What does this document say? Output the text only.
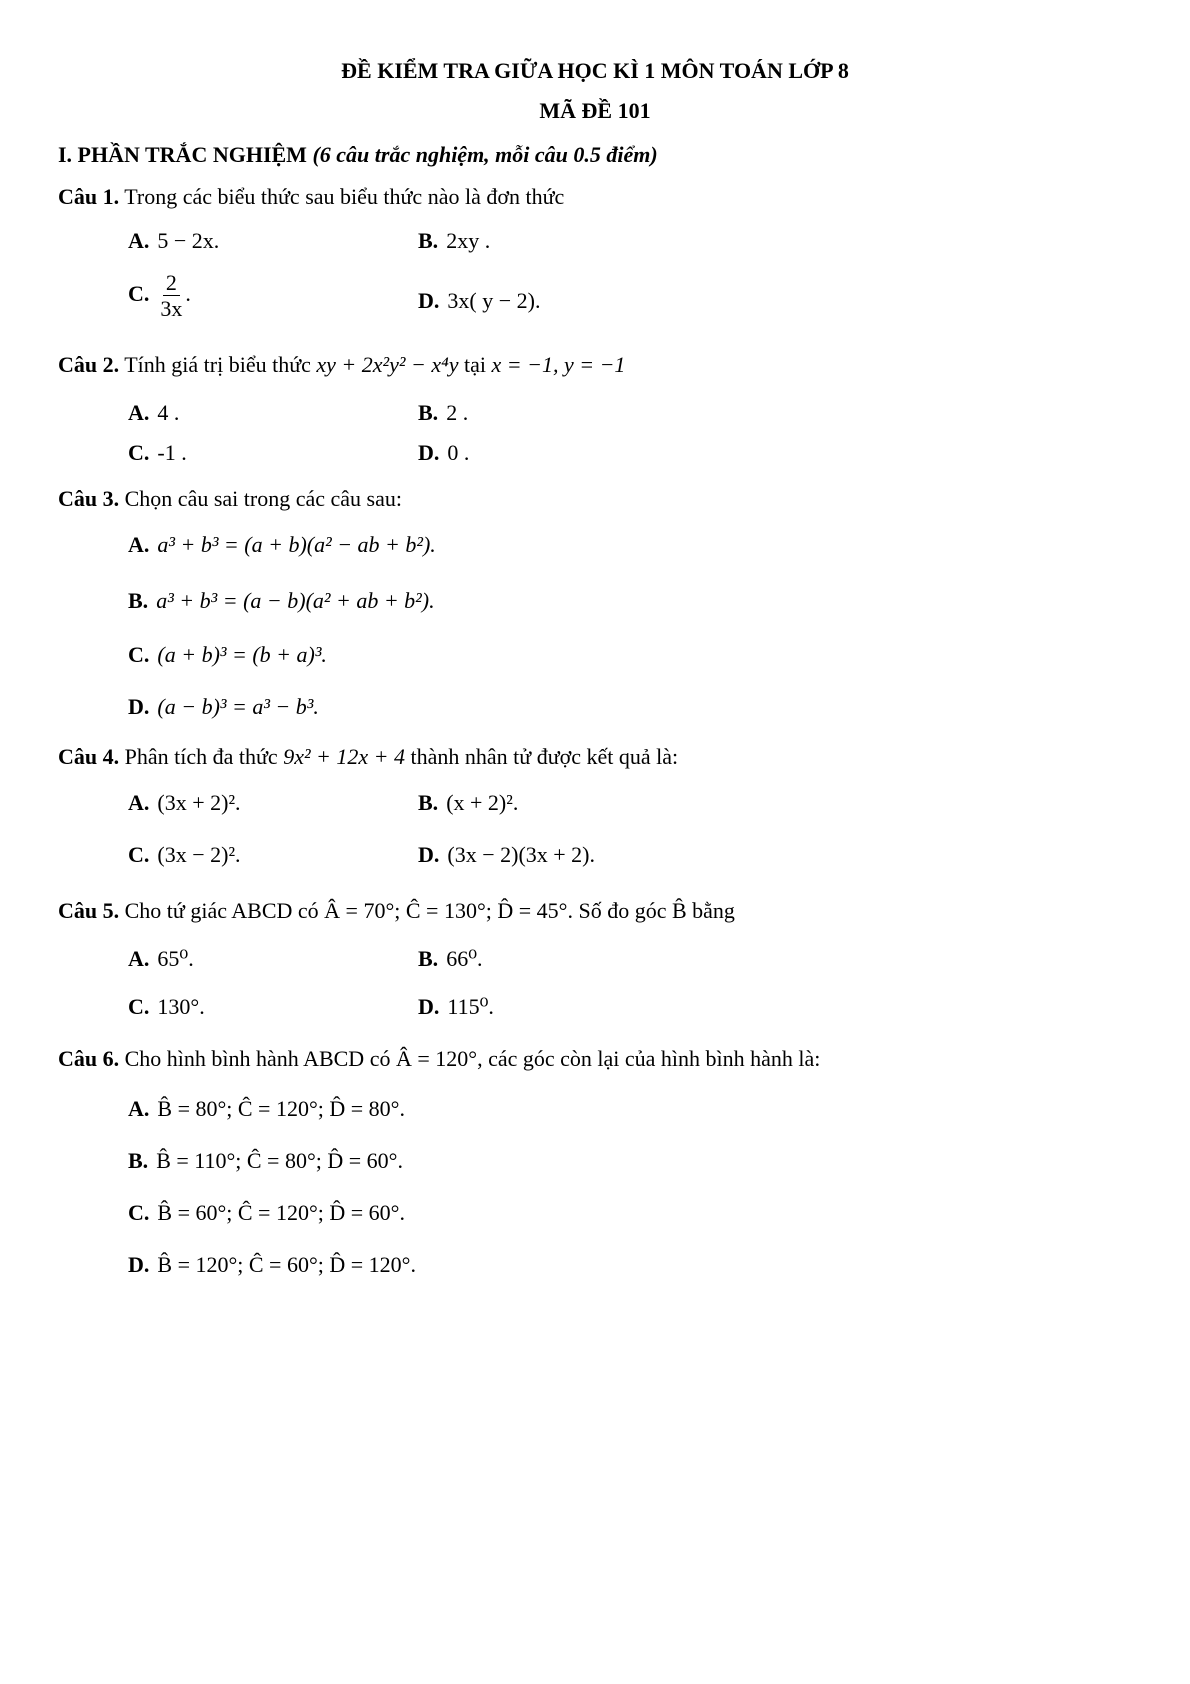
ĐỀ KIỂM TRA GIỮA HỌC KÌ 1 MÔN TOÁN LỚP 8
MÃ ĐỀ 101
I. PHẦN TRẮC NGHIỆM (6 câu trắc nghiệm, mỗi câu 0.5 điểm)
Câu 1. Trong các biểu thức sau biểu thức nào là đơn thức
A. 5 − 2x.	B. 2xy .
C. $\frac{2}{3x}$ .	D. 3x( y − 2).
Câu 2. Tính giá trị biểu thức xy + 2x²y² − x⁴y tại x = −1, y = −1
A. 4 .	B. 2 .
C. -1 .	D. 0 .
Câu 3. Chọn câu sai trong các câu sau:
A. a³ + b³ = (a + b)(a² − ab + b²).
B. a³ + b³ = (a − b)(a² + ab + b²).
C. (a + b)³ = (b + a)³.
D. (a − b)³ = a³ − b³.
Câu 4. Phân tích đa thức 9x² + 12x + 4 thành nhân tử được kết quả là:
A. (3x + 2)².	B. (x + 2)².
C. (3x − 2)².	D. (3x − 2)(3x + 2).
Câu 5. Cho tứ giác ABCD có Â = 70°; Ĉ = 130°; D̂ = 45°. Số đo góc B̂ bằng
A. 65⁰.	B. 66⁰.
C. 130°.	D. 115⁰.
Câu 6. Cho hình bình hành ABCD có Â = 120°, các góc còn lại của hình bình hành là:
A. B̂ = 80°; Ĉ = 120°; D̂ = 80°.
B. B̂ = 110°; Ĉ = 80°; D̂ = 60°.
C. B̂ = 60°; Ĉ = 120°; D̂ = 60°.
D. B̂ = 120°; Ĉ = 60°; D̂ = 120°.
